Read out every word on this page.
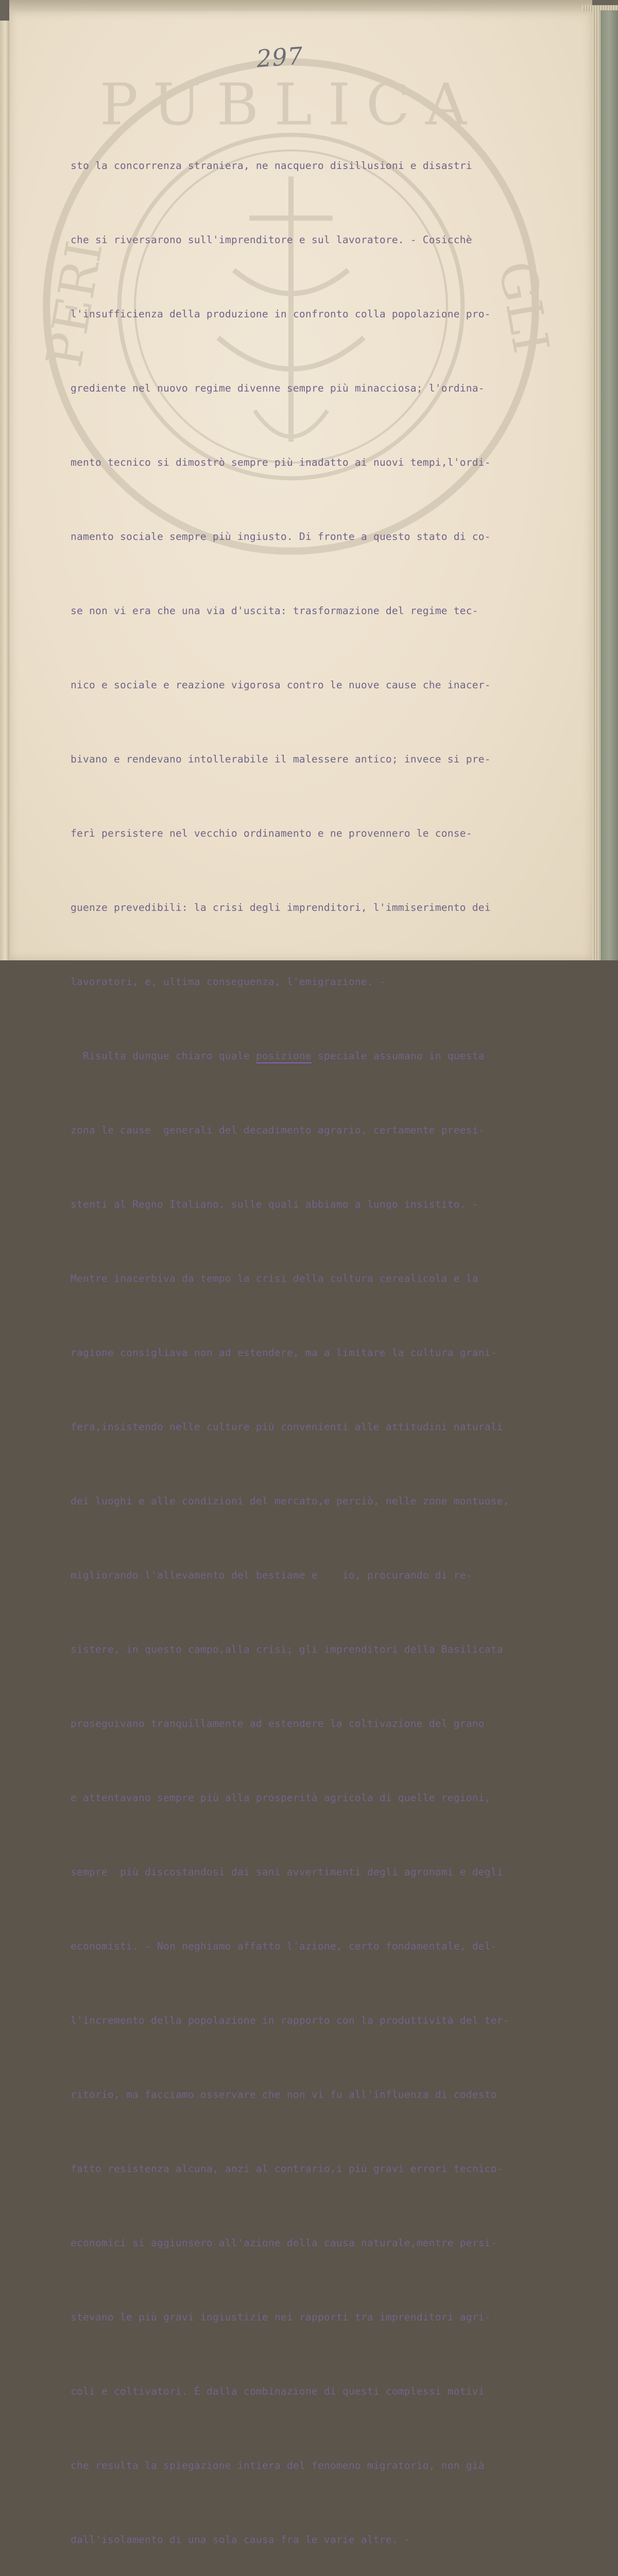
PUBLICA
PERI	GLI
297

sto la concorrenza straniera, ne nacquero disillusioni e disastri

che si riversarono sull'imprenditore e sul lavoratore. - Cosicchè

l'insufficienza della produzione in confronto colla popolazione pro-

grediente nel nuovo regime divenne sempre più minacciosa; l'ordina-

mento tecnico si dimostrò sempre più inadatto ai nuovi tempi,l'ordi-

namento sociale sempre più ingiusto. Di fronte a questo stato di co-

se non vi era che una via d'uscita: trasformazione del regime tec-

nico e sociale e reazione vigorosa contro le nuove cause che inacer-

bivano e rendevano intollerabile il malessere antico; invece si pre-

ferì persistere nel vecchio ordinamento e ne provennero le conse-

guenze prevedibili: la crisi degli imprenditori, l'immiserimento dei

lavoratori, e, ultima conseguenza, l'emigrazione. -

Risulta dunque chiaro quale posizione speciale assumano in questa

zona le cause  generali del decadimento agrario, certamente preesi-

stenti al Regno Italiano, sulle quali abbiamo a lungo insistito. -

Mentre inacerbiva da tempo la crisi della cultura cerealicola e la

ragione consigliava non ad estendere, ma a limitare la cultura grani-

fera,insistendo nelle culture più convenienti alle attitudini naturali

dei luoghi e alle condizioni del mercato,e perciò, nelle zone montuose,

migliorando l'allevamento del bestiame e    io, procurando di re-

sistere, in questo campo,alla crisi; gli imprenditori della Basilicata

proseguivano tranquillamente ad estendere la coltivazione del grano

e attentavano sempre più alla prosperità agricola di quelle regioni,

sempre  più discostandosi dai sani avvertimenti degli agronomi e degli

economisti. - Non neghiamo affatto l'azione, certo fondamentale, del-

l'incremento della popolazione in rapporto con la produttività del ter-

ritorio, ma facciamo osservare che non vi fu all'influenza di codesto

fatto resistenza alcuna, anzi al contrario,i più gravi errori tecnico-

economici si aggiunsero all'azione della causa naturale,mentre persi-

stevano le più gravi ingiustizie nei rapporti tra imprenditori agri-

coli e coltivatori. È dalla combinazione di questi complessi motivi

che resulta la spiegazione intiera del fenomeno migratorio, non già

dall'isolamento di una sola causa fra le varie altre. -
